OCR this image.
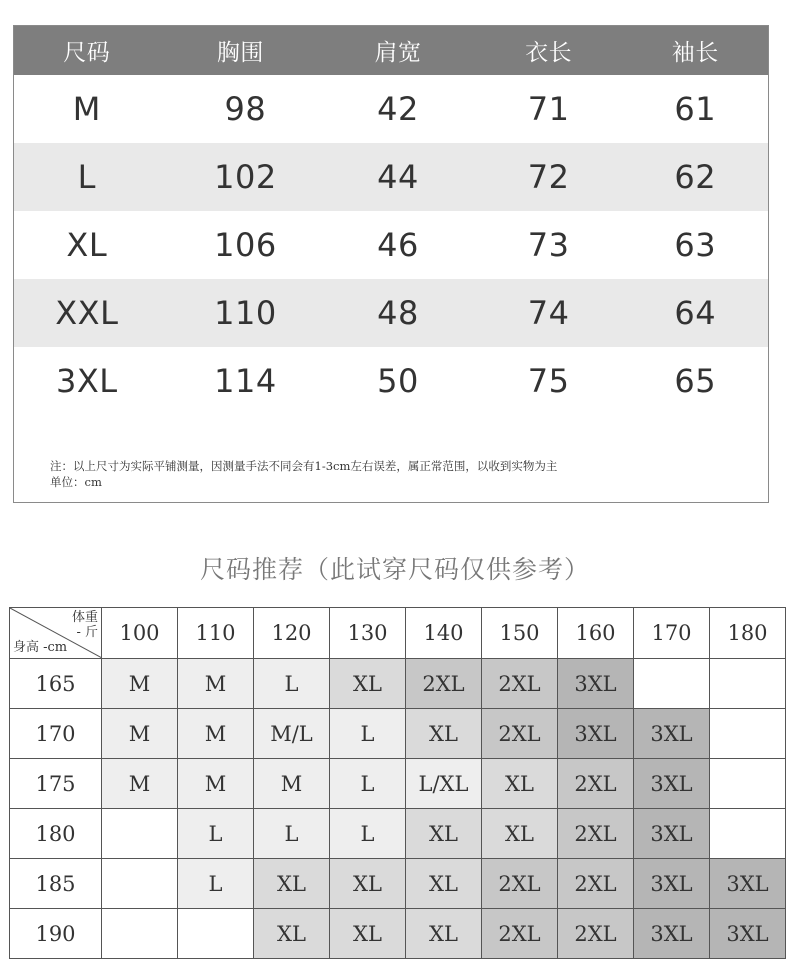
尺码	胸围	肩宽	衣长	袖长
M	98	42	71	61
L	102	44	72	62
XL	106	46	73	63
XXL	110	48	74	64
3XL	114	50	75	65
注：以上尺寸为实际平铺测量，因测量手法不同会有1-3cm左右误差，属正常范围，以收到实物为主
单位：cm
尺码推荐（此试穿尺码仅供参考）
体重
- 斤
身高 -cm	100	110	120	130	140	150	160	170	180
165	M	M	L	XL	2XL	2XL	3XL		
170	M	M	M/L	L	XL	2XL	3XL	3XL	
175	M	M	M	L	L/XL	XL	2XL	3XL	
180		L	L	L	XL	XL	2XL	3XL	
185		L	XL	XL	XL	2XL	2XL	3XL	3XL
190			XL	XL	XL	2XL	2XL	3XL	3XL
